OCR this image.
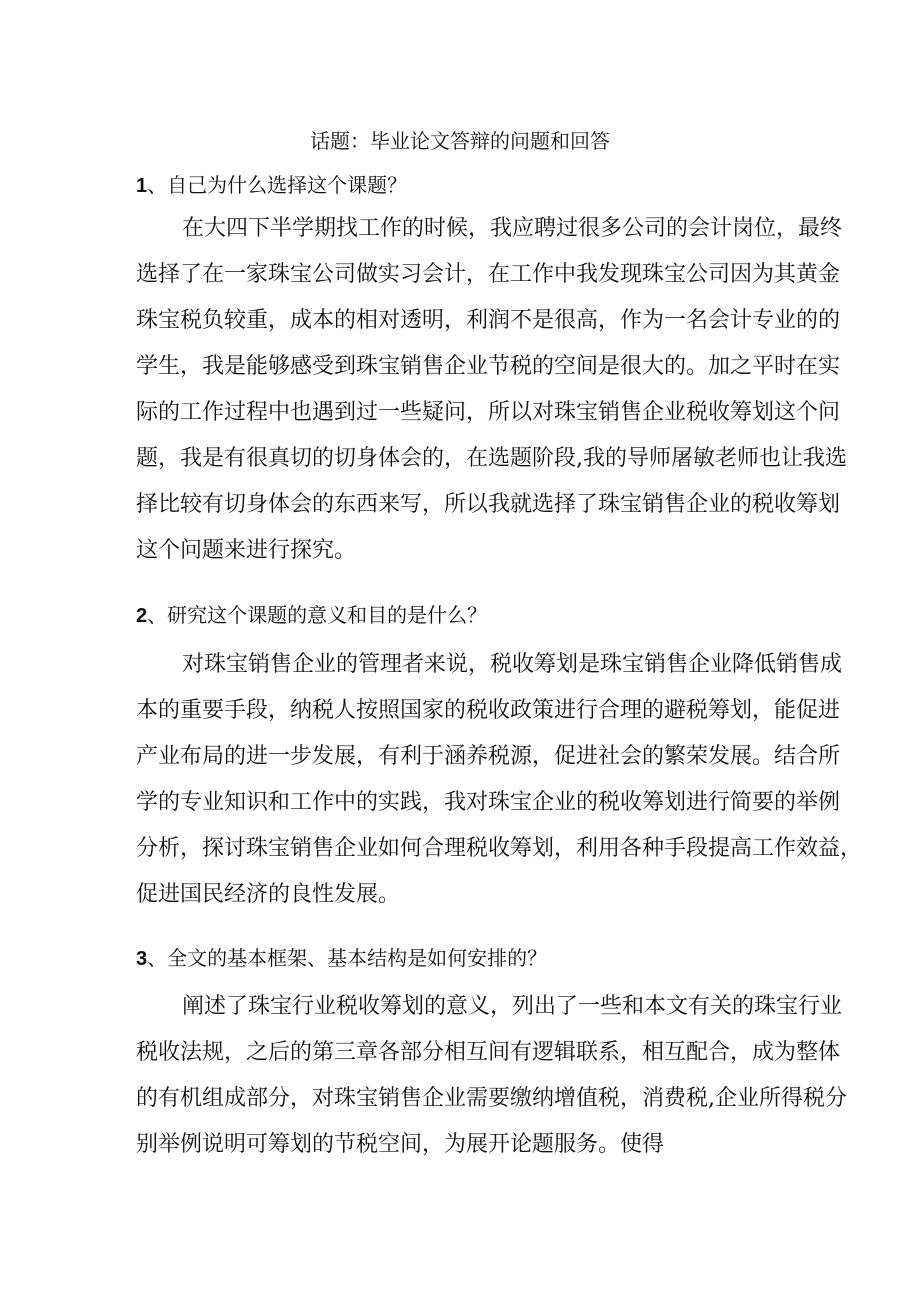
话题：毕业论文答辩的问题和回答
1、自己为什么选择这个课题？
在大四下半学期找工作的时候，我应聘过很多公司的会计岗位，最终
选择了在一家珠宝公司做实习会计，在工作中我发现珠宝公司因为其黄金
珠宝税负较重，成本的相对透明，利润不是很高，作为一名会计专业的的
学生，我是能够感受到珠宝销售企业节税的空间是很大的。加之平时在实
际的工作过程中也遇到过一些疑问，所以对珠宝销售企业税收筹划这个问
题，我是有很真切的切身体会的，在选题阶段,我的导师屠敏老师也让我选
择比较有切身体会的东西来写，所以我就选择了珠宝销售企业的税收筹划
这个问题来进行探究。
2、研究这个课题的意义和目的是什么？
对珠宝销售企业的管理者来说，税收筹划是珠宝销售企业降低销售成
本的重要手段，纳税人按照国家的税收政策进行合理的避税筹划，能促进
产业布局的进一步发展，有利于涵养税源，促进社会的繁荣发展。结合所
学的专业知识和工作中的实践，我对珠宝企业的税收筹划进行简要的举例
分析，探讨珠宝销售企业如何合理税收筹划，利用各种手段提高工作效益，
促进国民经济的良性发展。
3、全文的基本框架、基本结构是如何安排的？
阐述了珠宝行业税收筹划的意义，列出了一些和本文有关的珠宝行业
税收法规，之后的第三章各部分相互间有逻辑联系，相互配合，成为整体
的有机组成部分，对珠宝销售企业需要缴纳增值税，消费税,企业所得税分
别举例说明可筹划的节税空间，为展开论题服务。使得
